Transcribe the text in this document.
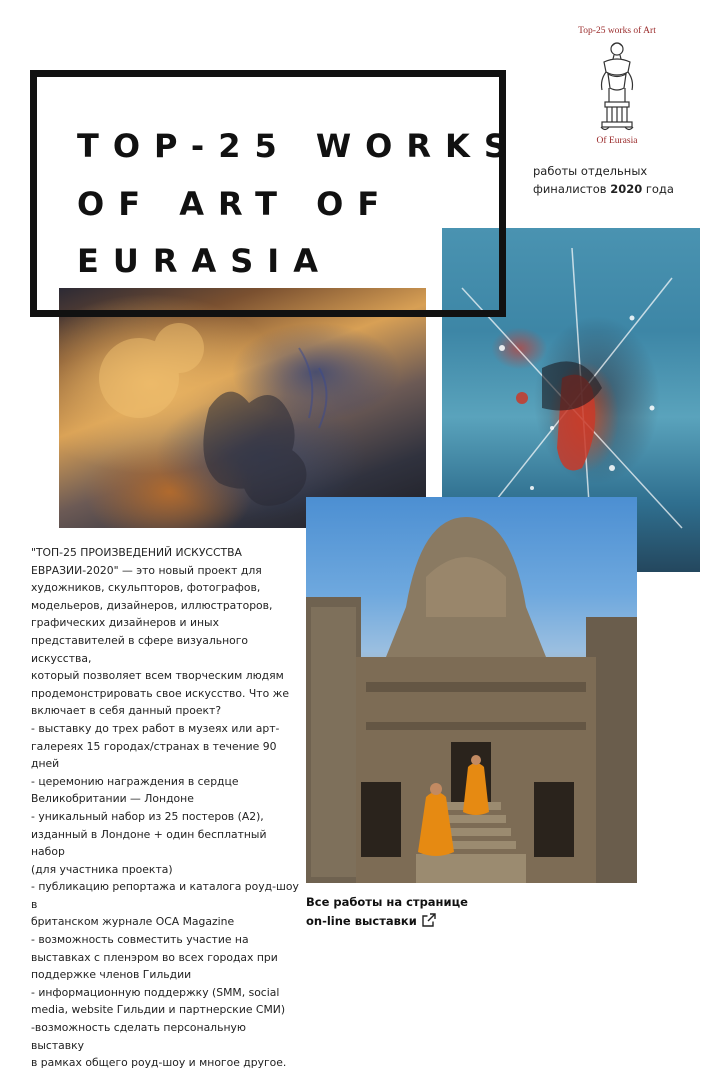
Top-25 works of Art
Of Eurasia
TOP-25 WORKS
OF ART OF
EURASIA
работы отдельных финалистов 2020 года

"ТОП-25 ПРОИЗВЕДЕНИЙ ИСКУССТВА

ЕВРАЗИИ-2020" — это новый проект для

художников, скульпторов, фотографов,

модельеров, дизайнеров, иллюстраторов,

графических дизайнеров и иных

представителей в сфере визуального искусства,

который позволяет всем творческим людям

продемонстрировать свое искусство. Что же

включает в себя данный проект?

- выставку до трех работ в музеях или арт-

галереях 15 городах/странах в течение 90 дней

- церемонию награждения в сердце

Великобритании — Лондоне

- уникальный набор из 25 постеров (А2),

изданный в Лондоне + один бесплатный набор

(для участника проекта)

- публикацию репортажа и каталога роуд-шоу в

британском журнале OCA Magazine

- возможность совместить участие на

выставках с пленэром во всех городах при

поддержке членов Гильдии

- информационную поддержку (SMM, social

media, website Гильдии и партнерские СМИ)

-возможность сделать персональную выставку

в рамках общего роуд-шоу и многое другое.

Все работы на странице
on-line выставки
